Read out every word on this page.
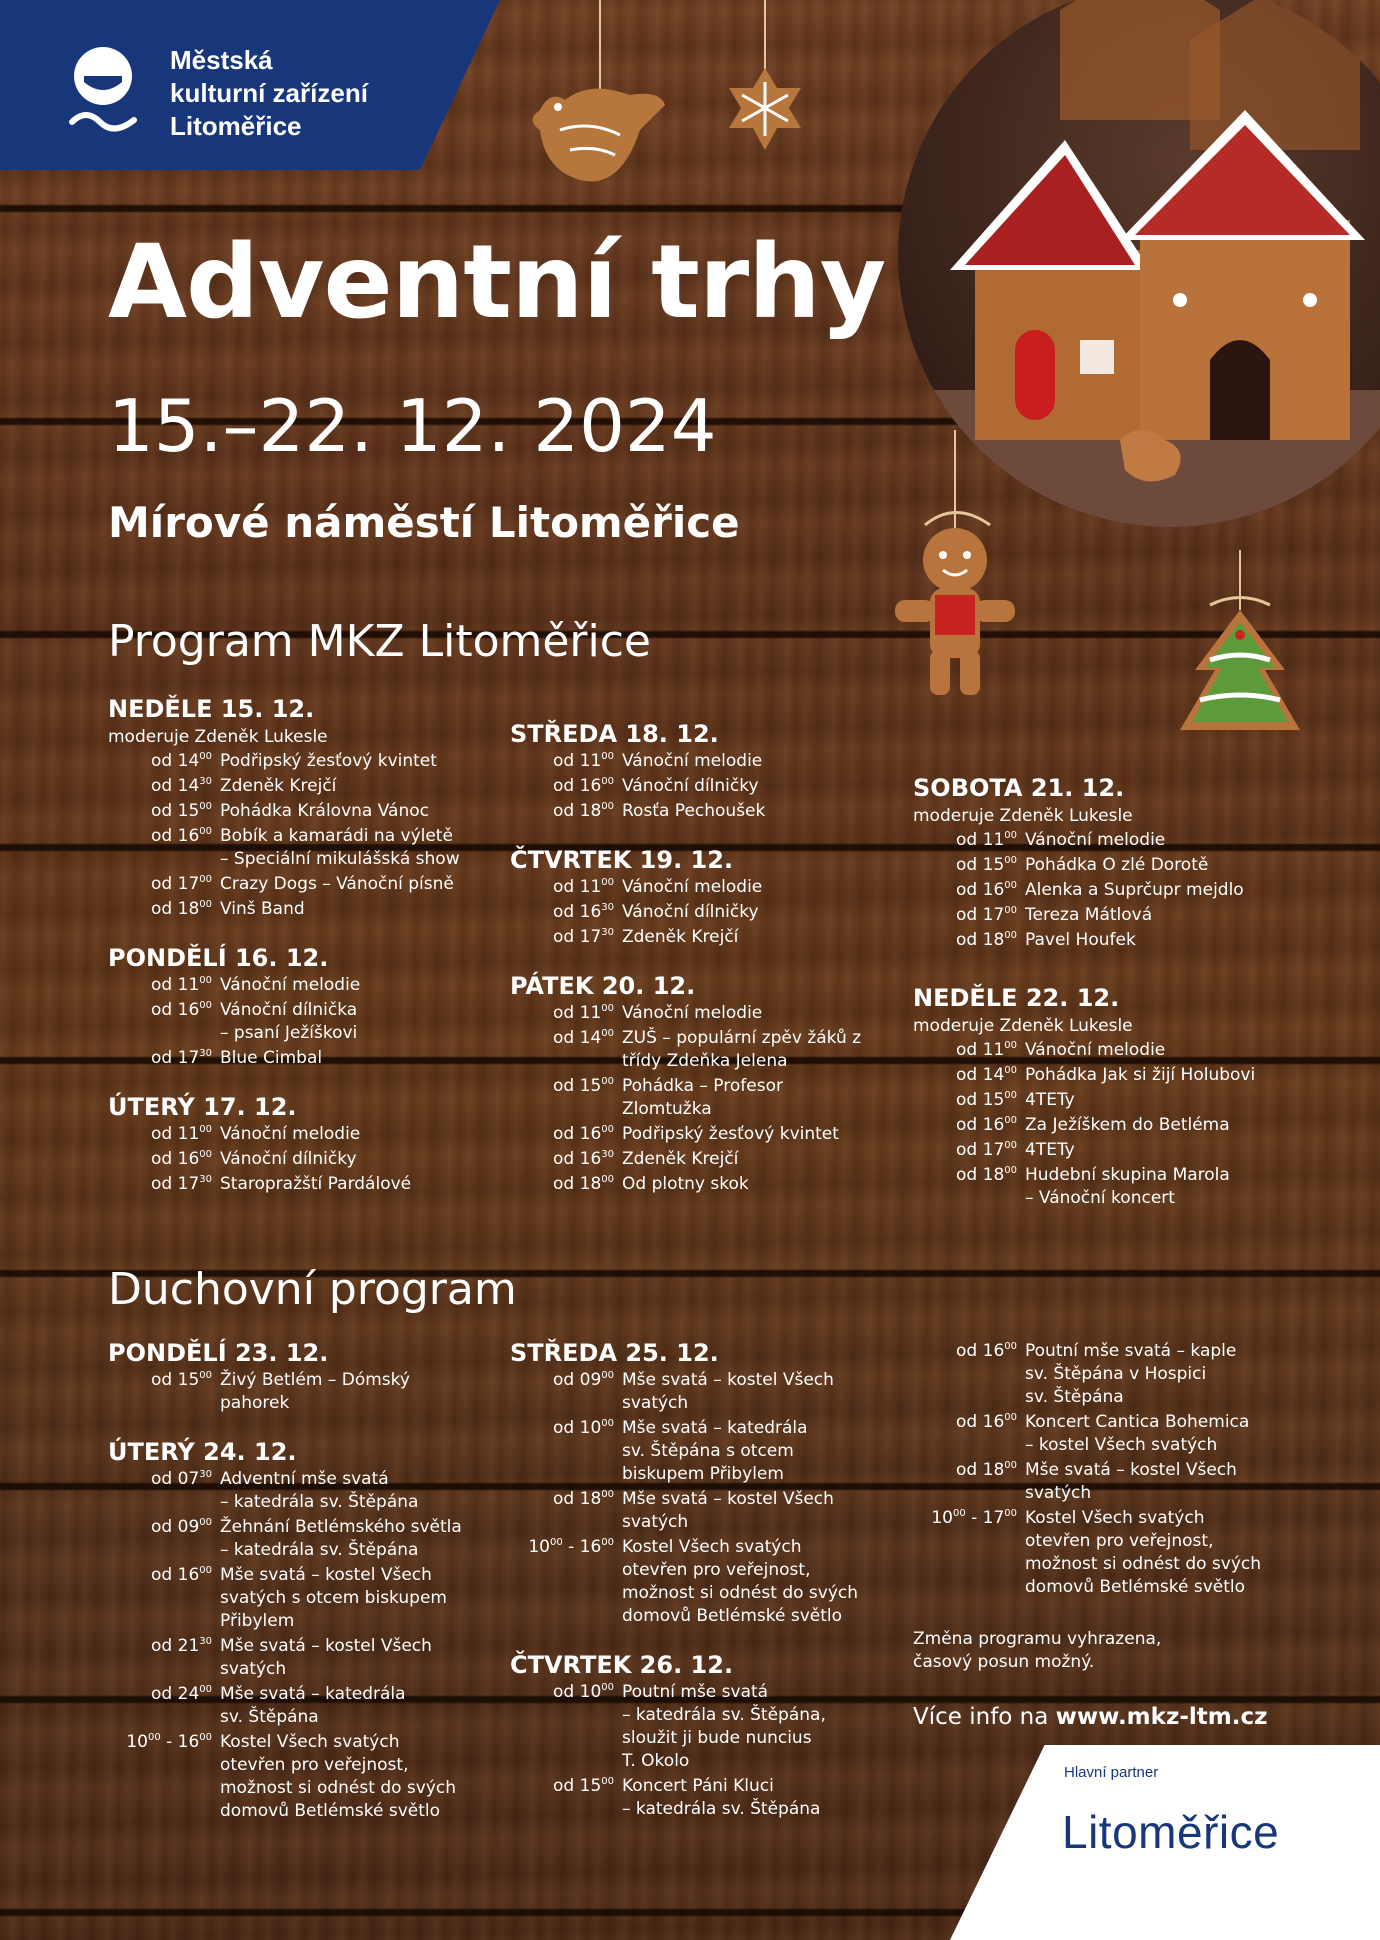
Městská
kulturní zařízení
Litoměřice
Adventní trhy
15.–22. 12. 2024
Mírové náměstí Litoměřice
Program MKZ Litoměřice
Duchovní program
NEDĚLE 15. 12.
moderuje Zdeněk Lukesle
od $14^{00}$ Podřipský žesťový kvintet
od $14^{30}$ Zdeněk Krejčí
od $15^{00}$ Pohádka Královna Vánoc
od $16^{00}$ Bobík a kamarádi na výletě
– Speciální mikulášská show
od $17^{00}$ Crazy Dogs – Vánoční písně
od $18^{00}$ Vinš Band
PONDĚLÍ 16. 12.
od $11^{00}$ Vánoční melodie
od $16^{00}$ Vánoční dílnička
– psaní Ježíškovi
od $17^{30}$ Blue Cimbal
ÚTERÝ 17. 12.
od $11^{00}$ Vánoční melodie
od $16^{00}$ Vánoční dílničky
od $17^{30}$ Staropražští Pardálové
STŘEDA 18. 12.
od $11^{00}$ Vánoční melodie
od $16^{00}$ Vánoční dílničky
od $18^{00}$ Rosťa Pechoušek
ČTVRTEK 19. 12.
od $11^{00}$ Vánoční melodie
od $16^{30}$ Vánoční dílničky
od $17^{30}$ Zdeněk Krejčí
PÁTEK 20. 12.
od $11^{00}$ Vánoční melodie
od $14^{00}$ ZUŠ – populární zpěv žáků z
třídy Zdeňka Jelena
od $15^{00}$ Pohádka – Profesor
Zlomtužka
od $16^{00}$ Podřipský žesťový kvintet
od $16^{30}$ Zdeněk Krejčí
od $18^{00}$ Od plotny skok
SOBOTA 21. 12.
moderuje Zdeněk Lukesle
od $11^{00}$ Vánoční melodie
od $15^{00}$ Pohádka O zlé Dorotě
od $16^{00}$ Alenka a Suprčupr mejdlo
od $17^{00}$ Tereza Mátlová
od $18^{00}$ Pavel Houfek
NEDĚLE 22. 12.
moderuje Zdeněk Lukesle
od $11^{00}$ Vánoční melodie
od $14^{00}$ Pohádka Jak si žijí Holubovi
od $15^{00}$ 4TETy
od $16^{00}$ Za Ježíškem do Betléma
od $17^{00}$ 4TETy
od $18^{00}$ Hudební skupina Marola
– Vánoční koncert
PONDĚLÍ 23. 12.
od $15^{00}$ Živý Betlém – Dómský
pahorek
ÚTERÝ 24. 12.
od $07^{30}$ Adventní mše svatá
– katedrála sv. Štěpána
od $09^{00}$ Žehnání Betlémského světla
– katedrála sv. Štěpána
od $16^{00}$ Mše svatá – kostel Všech
svatých s otcem biskupem
Přibylem
od $21^{30}$ Mše svatá – kostel Všech
svatých
od $24^{00}$ Mše svatá – katedrála
sv. Štěpána
$10^{00} - 16^{00}$ Kostel Všech svatých
otevřen pro veřejnost,
možnost si odnést do svých
domovů Betlémské světlo
STŘEDA 25. 12.
od $09^{00}$ Mše svatá – kostel Všech
svatých
od $10^{00}$ Mše svatá – katedrála
sv. Štěpána s otcem
biskupem Přibylem
od $18^{00}$ Mše svatá – kostel Všech
svatých
$10^{00} - 16^{00}$ Kostel Všech svatých
otevřen pro veřejnost,
možnost si odnést do svých
domovů Betlémské světlo
ČTVRTEK 26. 12.
od $10^{00}$ Poutní mše svatá
– katedrála sv. Štěpána,
sloužit ji bude nuncius
T. Okolo
od $15^{00}$ Koncert Páni Kluci
– katedrála sv. Štěpána
od $16^{00}$ Poutní mše svatá – kaple
sv. Štěpána v Hospici
sv. Štěpána
od $16^{00}$ Koncert Cantica Bohemica
– kostel Všech svatých
od $18^{00}$ Mše svatá – kostel Všech
svatých
$10^{00} - 17^{00}$ Kostel Všech svatých
otevřen pro veřejnost,
možnost si odnést do svých
domovů Betlémské světlo
Změna programu vyhrazena,
časový posun možný.
Více info na www.mkz-ltm.cz
Hlavní partner
Litoměřice
